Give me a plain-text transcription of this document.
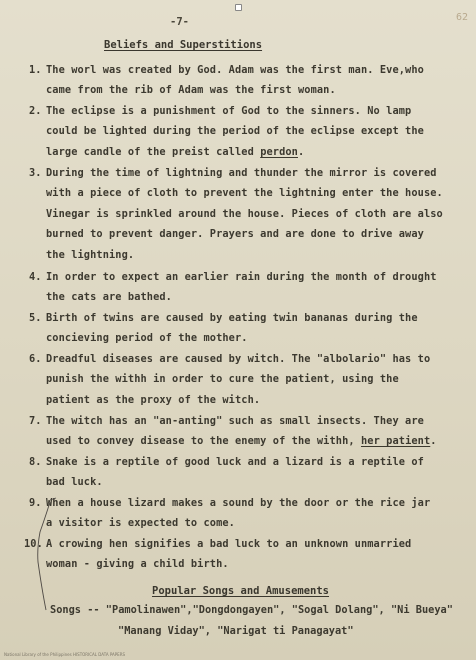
-7-	62
Beliefs and Superstitions
1. The worl was created by God. Adam was the first man. Eve,who
came from the rib of Adam was the first woman.
2. The eclipse is a punishment of God to the sinners. No lamp
could be lighted during the period of the eclipse except the
large candle of the preist called perdon.
3. During the time of lightning and thunder the mirror is covered
with a piece of cloth to prevent the lightning enter the house.
Vinegar is sprinkled around the house. Pieces of cloth are also
burned to prevent danger. Prayers and are done to drive away
the lightning.
4. In order to expect an earlier rain during the month of drought
the cats are bathed.
5. Birth of twins are caused by eating twin bananas during the
concieving period of the mother.
6. Dreadful diseases are caused by witch. The "albolario" has to
punish the withh in order to cure the patient, using the
patient as the proxy of the witch.
7. The witch has an "an-anting" such as small insects. They are
used to convey disease to the enemy of the withh, her patient.
8. Snake is a reptile of good luck and a lizard is a reptile of
bad luck.
9. When a house lizard makes a sound by the door or the rice jar
a visitor is expected to come.
10. A crowing hen signifies a bad luck to an unknown unmarried
woman - giving a child birth.
Popular Songs and Amusements
Songs -- "Pamolinawen","Dongdongayen", "Sogal Dolang", "Ni Bueya"
"Manang Viday", "Narigat ti Panagayat"
National Library of the Philippines HISTORICAL DATA PAPERS
